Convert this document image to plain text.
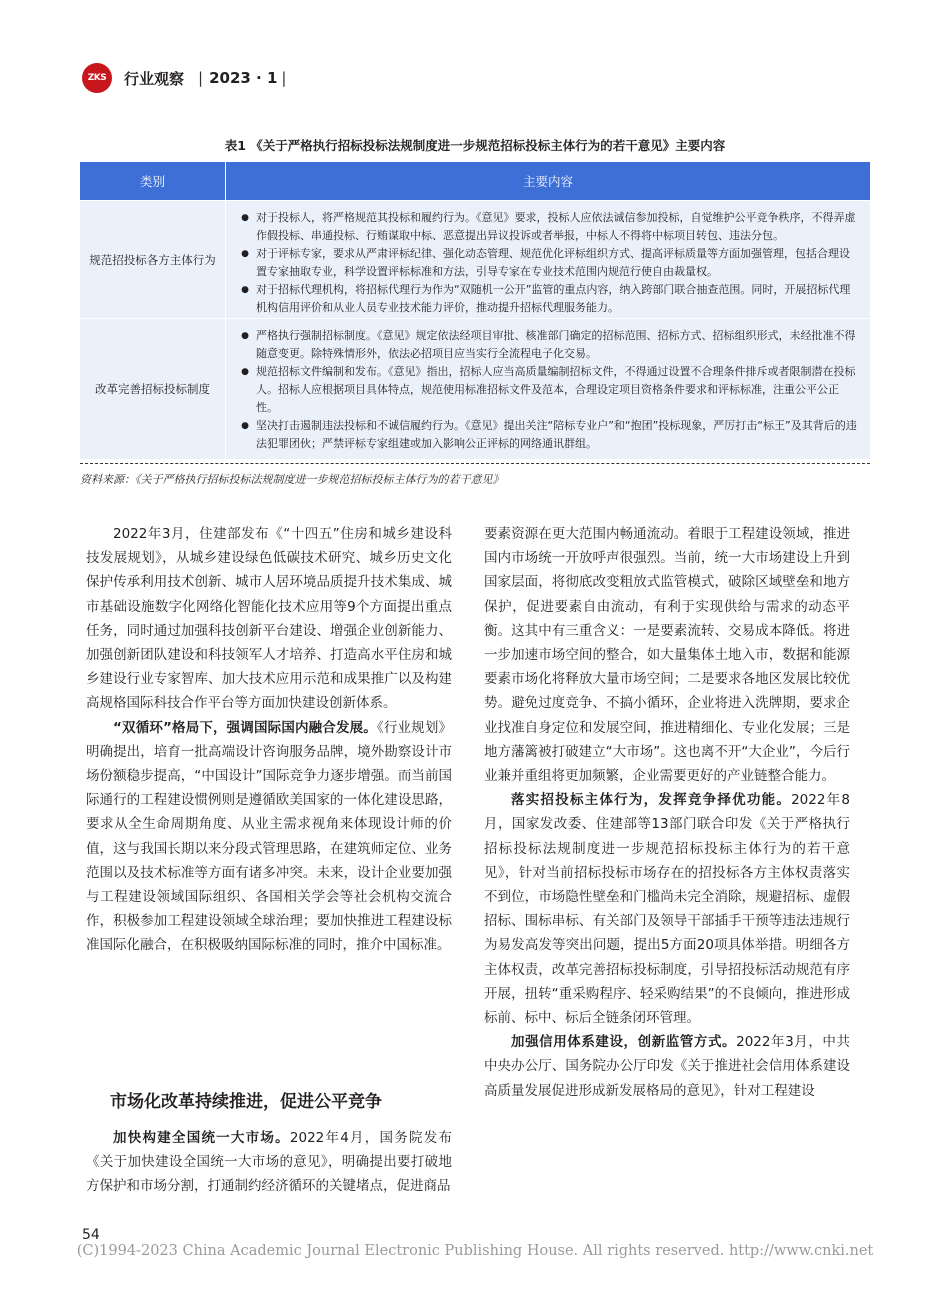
ZKS	行业观察 | 2023 · 1 |
表1 《关于严格执行招标投标法规制度进一步规范招标投标主体行为的若干意见》主要内容
类别	主要内容
规范招投标各方主体行为
● 对于投标人，将严格规范其投标和履约行为。《意见》要求，投标人应依法诚信参加投标，自觉维护公平竞争秩序，不得弄虚作假投标、串通投标、行贿谋取中标、恶意提出异议投诉或者举报，中标人不得将中标项目转包、违法分包。
● 对于评标专家，要求从严肃评标纪律、强化动态管理、规范优化评标组织方式、提高评标质量等方面加强管理，包括合理设置专家抽取专业，科学设置评标标准和方法，引导专家在专业技术范围内规范行使自由裁量权。
● 对于招标代理机构，将招标代理行为作为“双随机一公开”监管的重点内容，纳入跨部门联合抽查范围。同时，开展招标代理机构信用评价和从业人员专业技术能力评价，推动提升招标代理服务能力。
改革完善招标投标制度
● 严格执行强制招标制度。《意见》规定依法经项目审批、核准部门确定的招标范围、招标方式、招标组织形式，未经批准不得随意变更。除特殊情形外，依法必招项目应当实行全流程电子化交易。
● 规范招标文件编制和发布。《意见》指出，招标人应当高质量编制招标文件，不得通过设置不合理条件排斥或者限制潜在投标人。招标人应根据项目具体特点，规范使用标准招标文件及范本，合理设定项目资格条件要求和评标标准，注重公平公正性。
● 坚决打击遏制违法投标和不诚信履约行为。《意见》提出关注“陪标专业户”和“抱团”投标现象，严厉打击“标王”及其背后的违法犯罪团伙；严禁评标专家组建或加入影响公正评标的网络通讯群组。
资料来源：《关于严格执行招标投标法规制度进一步规范招标投标主体行为的若干意见》

2022年3月，住建部发布《“十四五”住房和城乡建设科技发展规划》，从城乡建设绿色低碳技术研究、城乡历史文化保护传承利用技术创新、城市人居环境品质提升技术集成、城市基础设施数字化网络化智能化技术应用等9个方面提出重点任务，同时通过加强科技创新平台建设、增强企业创新能力、加强创新团队建设和科技领军人才培养、打造高水平住房和城乡建设行业专家智库、加大技术应用示范和成果推广以及构建高规格国际科技合作平台等方面加快建设创新体系。

“双循环”格局下，强调国际国内融合发展。《行业规划》明确提出，培育一批高端设计咨询服务品牌，境外勘察设计市场份额稳步提高，“中国设计”国际竞争力逐步增强。而当前国际通行的工程建设惯例则是遵循欧美国家的一体化建设思路，要求从全生命周期角度、从业主需求视角来体现设计师的价值，这与我国长期以来分段式管理思路，在建筑师定位、业务范围以及技术标准等方面有诸多冲突。未来，设计企业要加强与工程建设领域国际组织、各国相关学会等社会机构交流合作，积极参加工程建设领域全球治理；要加快推进工程建设标准国际化融合，在积极吸纳国际标准的同时，推介中国标准。

市场化改革持续推进，促进公平竞争

加快构建全国统一大市场。2022年4月，国务院发布《关于加快建设全国统一大市场的意见》，明确提出要打破地方保护和市场分割，打通制约经济循环的关键堵点，促进商品

要素资源在更大范围内畅通流动。着眼于工程建设领域，推进国内市场统一开放呼声很强烈。当前，统一大市场建设上升到国家层面，将彻底改变粗放式监管模式，破除区域壁垒和地方保护，促进要素自由流动，有利于实现供给与需求的动态平衡。这其中有三重含义：一是要素流转、交易成本降低。将进一步加速市场空间的整合，如大量集体土地入市，数据和能源要素市场化将释放大量市场空间；二是要求各地区发展比较优势。避免过度竞争、不搞小循环，企业将进入洗牌期，要求企业找准自身定位和发展空间，推进精细化、专业化发展；三是地方藩篱被打破建立“大市场”。这也离不开“大企业”，今后行业兼并重组将更加频繁，企业需要更好的产业链整合能力。

落实招投标主体行为，发挥竞争择优功能。2022年8月，国家发改委、住建部等13部门联合印发《关于严格执行招标投标法规制度进一步规范招标投标主体行为的若干意见》，针对当前招标投标市场存在的招投标各方主体权责落实不到位，市场隐性壁垒和门槛尚未完全消除，规避招标、虚假招标、围标串标、有关部门及领导干部插手干预等违法违规行为易发高发等突出问题，提出5方面20项具体举措。明细各方主体权责，改革完善招标投标制度，引导招投标活动规范有序开展，扭转“重采购程序、轻采购结果”的不良倾向，推进形成标前、标中、标后全链条闭环管理。

加强信用体系建设，创新监管方式。2022年3月，中共中央办公厅、国务院办公厅印发《关于推进社会信用体系建设高质量发展促进形成新发展格局的意见》，针对工程建设

54
(C)1994-2023 China Academic Journal Electronic Publishing House. All rights reserved. http://www.cnki.net
